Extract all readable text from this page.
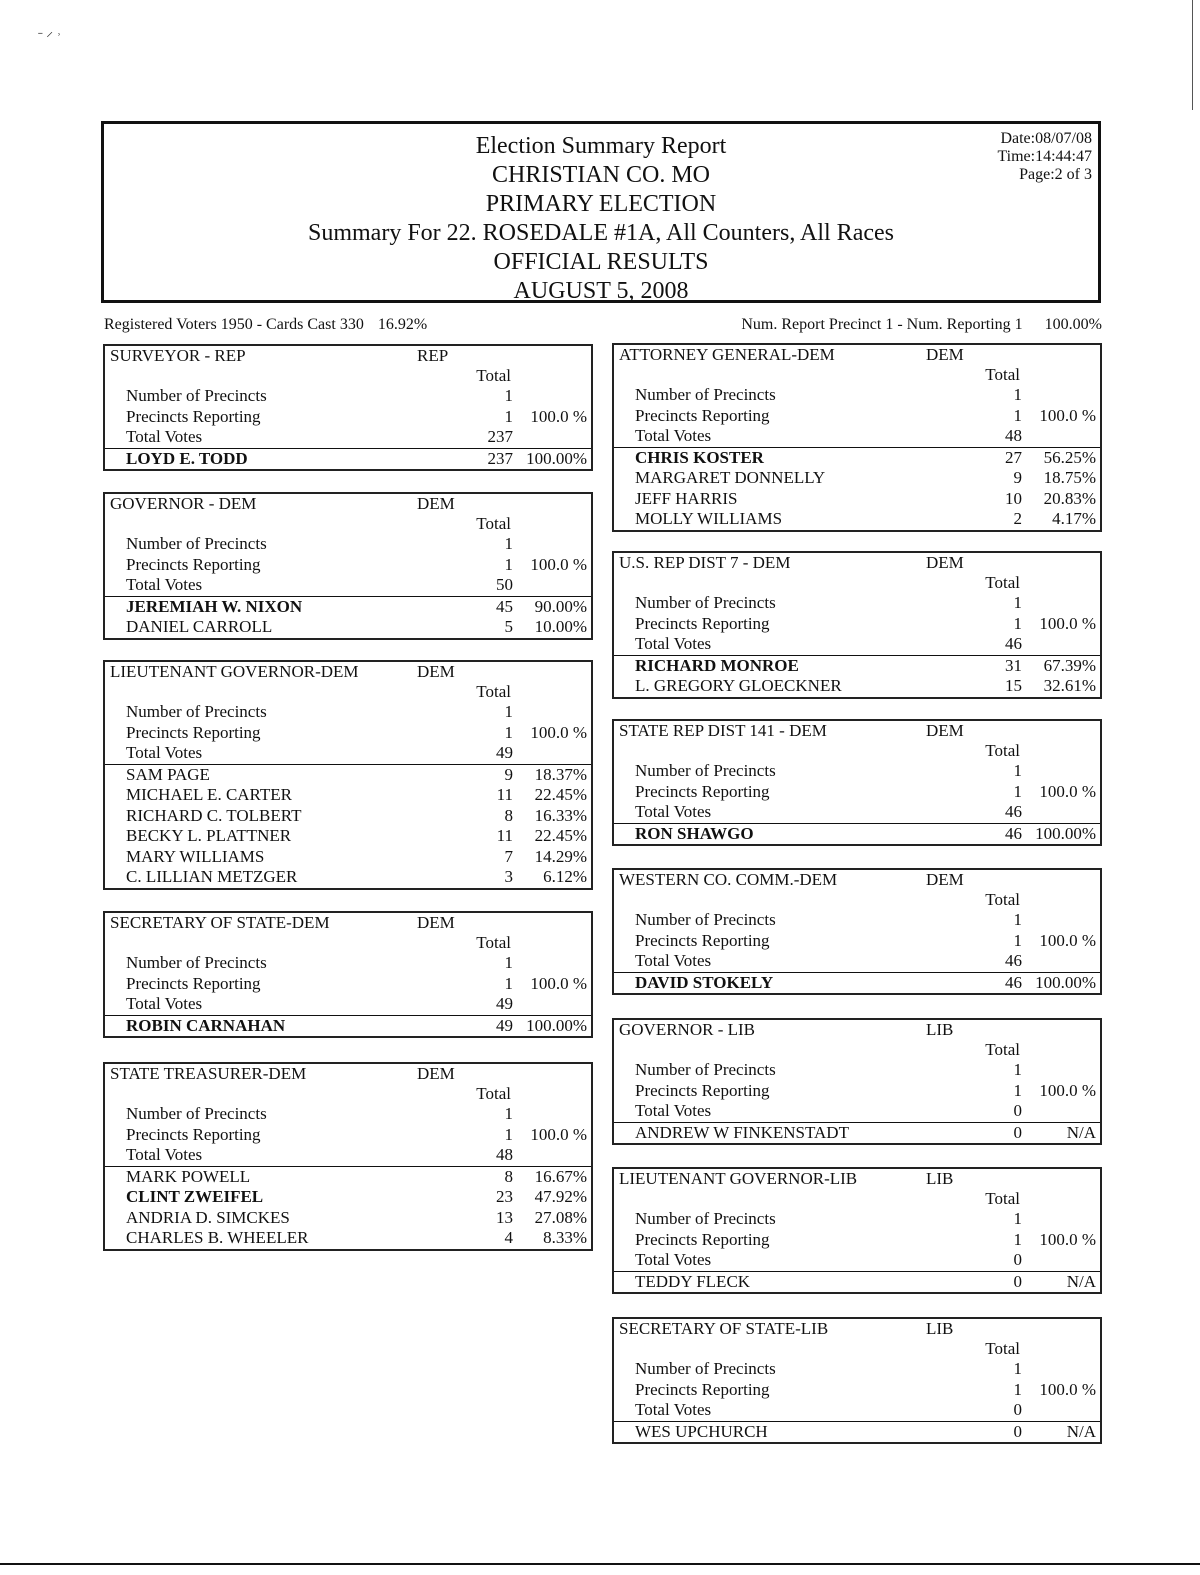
˗ ⸝ ˒
Election Summary Report
CHRISTIAN CO. MO
PRIMARY ELECTION
Summary For 22. ROSEDALE #1A, All Counters, All Races
OFFICIAL RESULTS
AUGUST 5, 2008
Date:08/07/08
Time:14:44:47
Page:2 of 3
Registered Voters 1950 - Cards Cast 330 16.92%	Num. Report Precinct 1 - Num. Reporting 1 100.00%
SURVEYOR - REP	REP
Total
Number of Precincts	1
Precincts Reporting	1 100.0 %
Total Votes	237
LOYD E. TODD	237 100.00%
GOVERNOR - DEM	DEM
Total
Number of Precincts	1
Precincts Reporting	1 100.0 %
Total Votes	50
JEREMIAH W. NIXON	45 90.00%
DANIEL CARROLL	5 10.00%
LIEUTENANT GOVERNOR-DEM	DEM
Total
Number of Precincts	1
Precincts Reporting	1 100.0 %
Total Votes	49
SAM PAGE	9 18.37%
MICHAEL E. CARTER	11 22.45%
RICHARD C. TOLBERT	8 16.33%
BECKY L. PLATTNER	11 22.45%
MARY WILLIAMS	7 14.29%
C. LILLIAN METZGER	3 6.12%
SECRETARY OF STATE-DEM	DEM
Total
Number of Precincts	1
Precincts Reporting	1 100.0 %
Total Votes	49
ROBIN CARNAHAN	49 100.00%
STATE TREASURER-DEM	DEM
Total
Number of Precincts	1
Precincts Reporting	1 100.0 %
Total Votes	48
MARK POWELL	8 16.67%
CLINT ZWEIFEL	23 47.92%
ANDRIA D. SIMCKES	13 27.08%
CHARLES B. WHEELER	4 8.33%
ATTORNEY GENERAL-DEM	DEM
Total
Number of Precincts	1
Precincts Reporting	1 100.0 %
Total Votes	48
CHRIS KOSTER	27 56.25%
MARGARET DONNELLY	9 18.75%
JEFF HARRIS	10 20.83%
MOLLY WILLIAMS	2 4.17%
U.S. REP DIST 7 - DEM	DEM
Total
Number of Precincts	1
Precincts Reporting	1 100.0 %
Total Votes	46
RICHARD MONROE	31 67.39%
L. GREGORY GLOECKNER	15 32.61%
STATE REP DIST 141 - DEM	DEM
Total
Number of Precincts	1
Precincts Reporting	1 100.0 %
Total Votes	46
RON SHAWGO	46 100.00%
WESTERN CO. COMM.-DEM	DEM
Total
Number of Precincts	1
Precincts Reporting	1 100.0 %
Total Votes	46
DAVID STOKELY	46 100.00%
GOVERNOR - LIB	LIB
Total
Number of Precincts	1
Precincts Reporting	1 100.0 %
Total Votes	0
ANDREW W FINKENSTADT	0	N/A
LIEUTENANT GOVERNOR-LIB	LIB
Total
Number of Precincts	1
Precincts Reporting	1 100.0 %
Total Votes	0
TEDDY FLECK	0	N/A
SECRETARY OF STATE-LIB	LIB
Total
Number of Precincts	1
Precincts Reporting	1 100.0 %
Total Votes	0
WES UPCHURCH	0	N/A
